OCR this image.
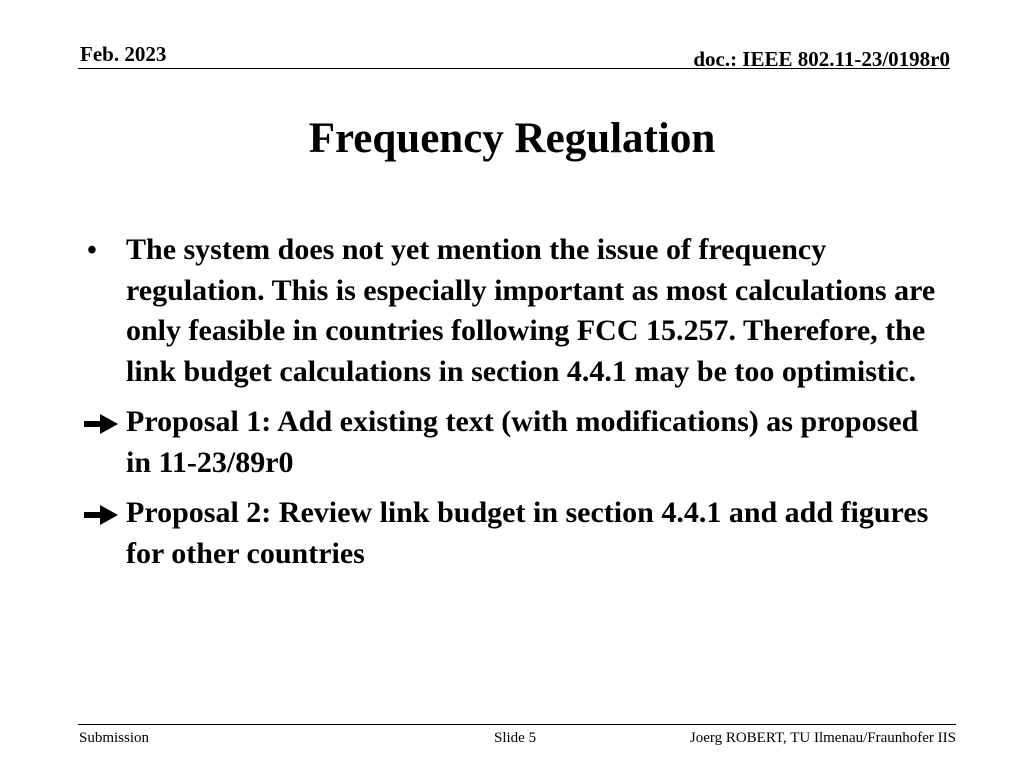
Feb. 2023	doc.: IEEE 802.11-23/0198r0
Frequency Regulation
• The system does not yet mention the issue of frequency regulation. This is especially important as most calculations are only feasible in countries following FCC 15.257. Therefore, the link budget calculations in section 4.4.1 may be too optimistic.
Proposal 1: Add existing text (with modifications) as proposed in 11-23/89r0
Proposal 2: Review link budget in section 4.4.1 and add figures for other countries
Submission	Slide 5	Joerg ROBERT, TU Ilmenau/Fraunhofer IIS
